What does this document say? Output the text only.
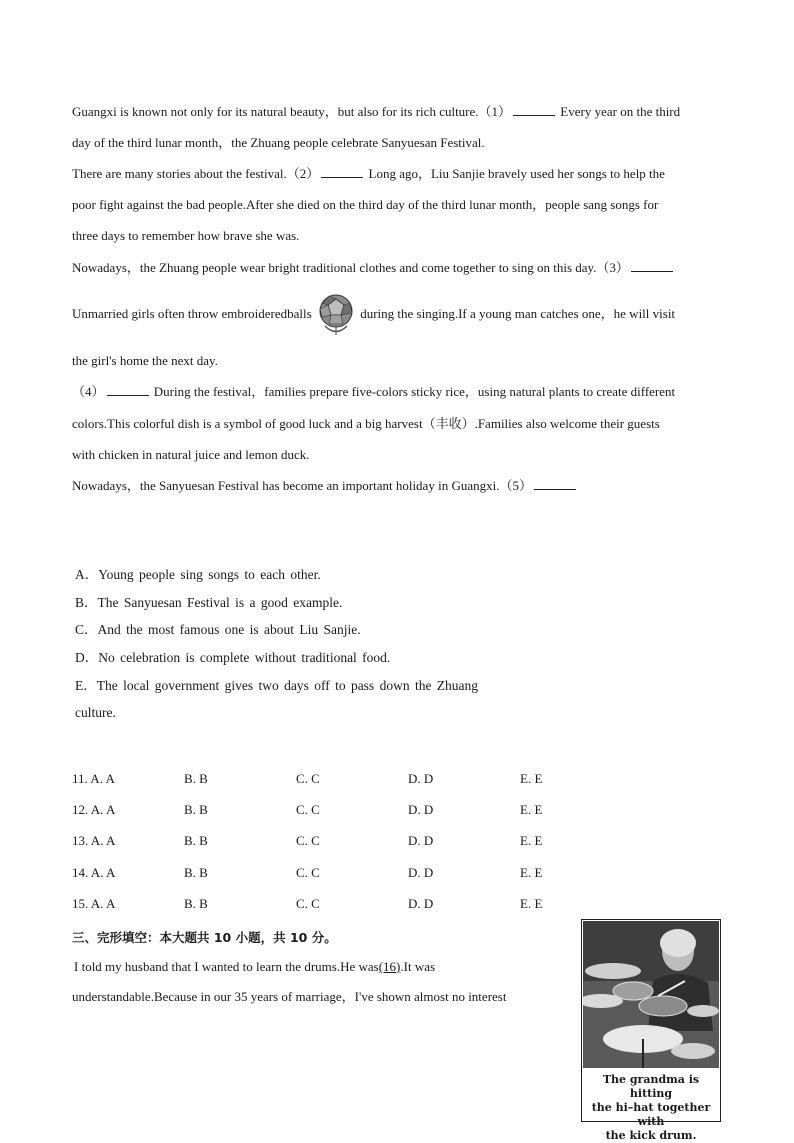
Guangxi is known not only for its natural beauty，but also for its rich culture.（1）	Every year on the third
day of the third lunar month，the Zhuang people celebrate Sanyuesan Festival.
There are many stories about the festival.（2）	Long ago，Liu Sanjie bravely used her songs to help the
poor fight against the bad people.After she died on the third day of the third lunar month，people sang songs for
three days to remember how brave she was.
Nowadays，the Zhuang people wear bright traditional clothes and come together to sing on this day.（3）
Unmarried girls often throw embroideredballs	during the singing.If a young man catches one，he will visit
the girl's home the next day.
（4）	During the festival，families prepare five-colors sticky rice，using natural plants to create different
colors.This colorful dish is a symbol of good luck and a big harvest（丰收）.Families also welcome their guests
with chicken in natural juice and lemon duck.
Nowadays，the Sanyuesan Festival has become an important holiday in Guangxi.（5）
A．Young people sing songs to each other.
B．The Sanyuesan Festival is a good example.
C．And the most famous one is about Liu Sanjie.
D．No celebration is complete without traditional food.
E．The local government gives two days off to pass down the Zhuang
culture.
11. A. A	B. B	C. C	D. D	E. E
12. A. A	B. B	C. C	D. D	E. E
13. A. A	B. B	C. C	D. D	E. E
14. A. A	B. B	C. C	D. D	E. E
15. A. A	B. B	C. C	D. D	E. E
三、完形填空：本大题共 10 小题，共 10 分。
I told my husband that I wanted to learn the drums.He was(16).It was
understandable.Because in our 35 years of marriage，I've shown almost no interest
The grandma is hitting
the hi–hat together with
the kick drum.
